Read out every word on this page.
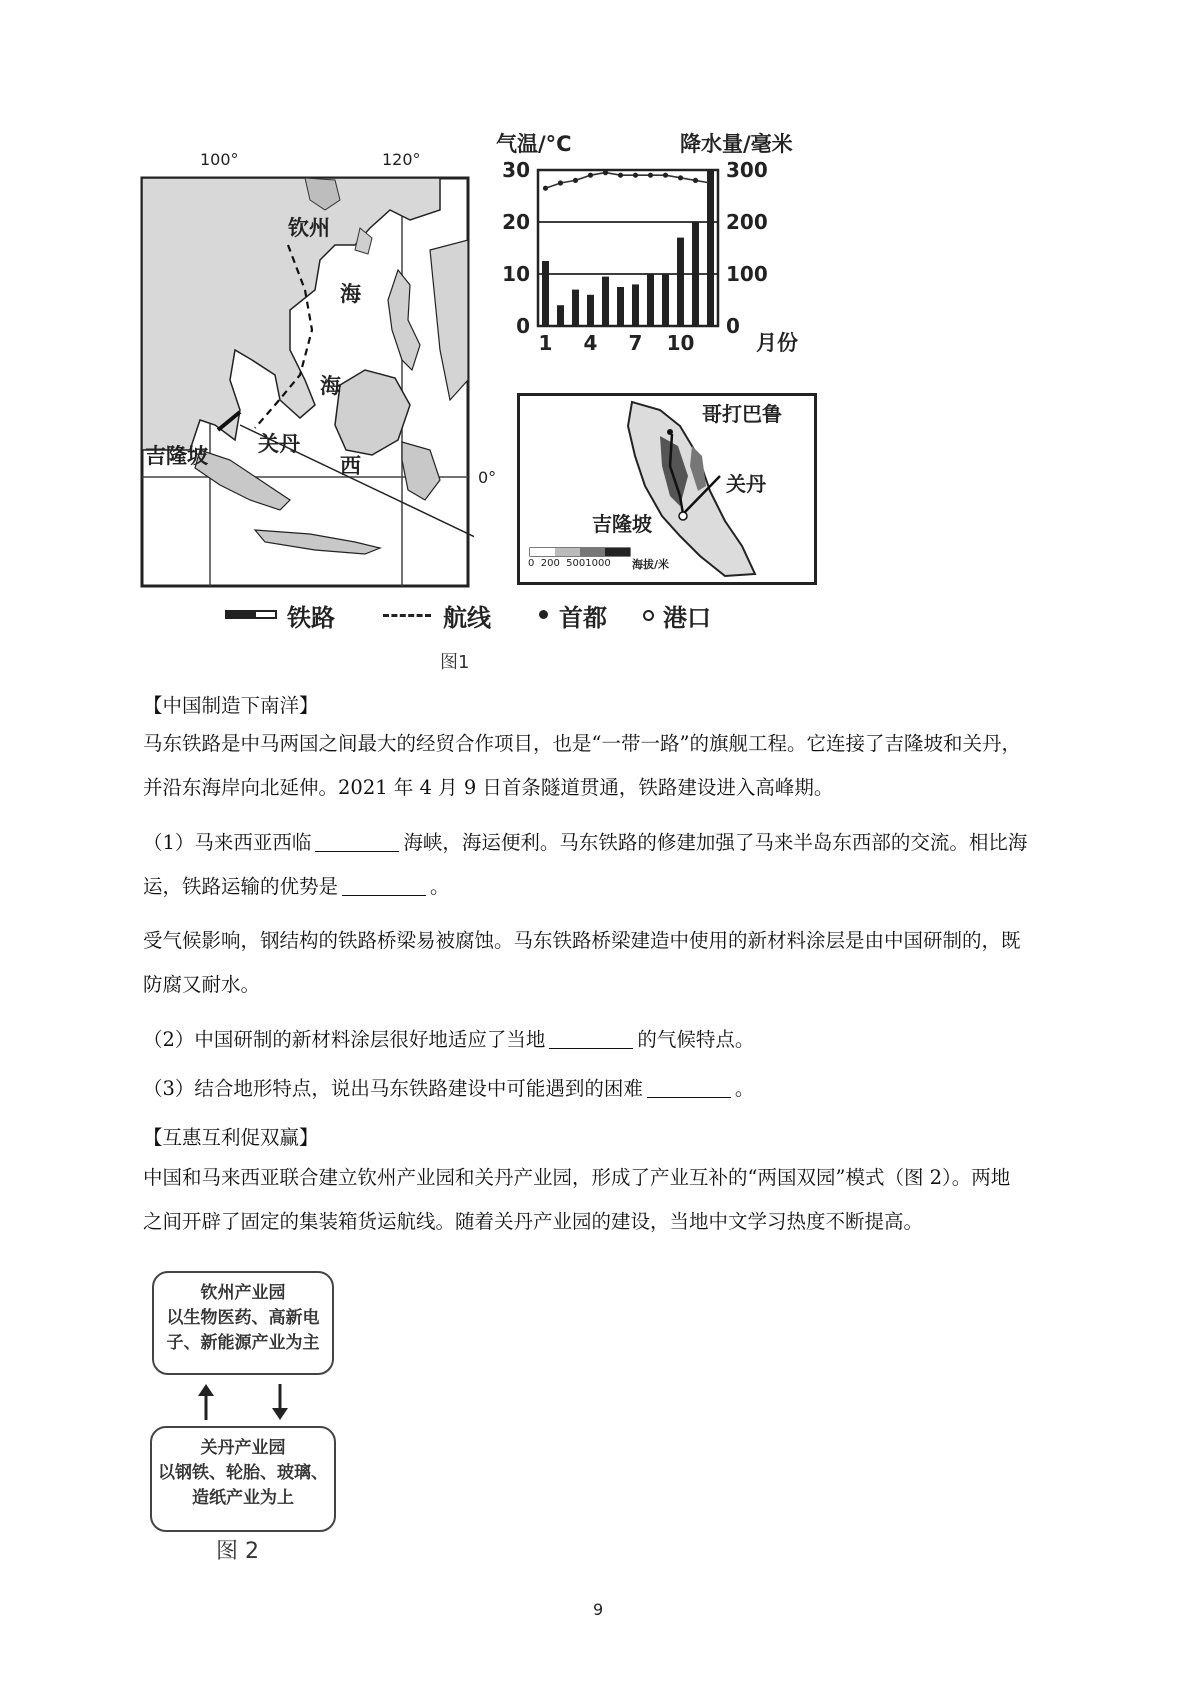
100°	120°
0°
钦州
海
海
西
关丹
吉隆坡
气温/°C	降水量/毫米
0
10
20
30
0
100
200
300
1 4 7 10	月份
哥打巴鲁
关丹
吉隆坡
0  200  5001000 海拔/米
铁路	航线	首都 港口
图1
【中国制造下南洋】
马东铁路是中马两国之间最大的经贸合作项目，也是“一带一路”的旗舰工程。它连接了吉隆坡和关丹，
并沿东海岸向北延伸。2021 年 4 月 9 日首条隧道贯通，铁路建设进入高峰期。
（1）马来西亚西临	海峡，海运便利。马东铁路的修建加强了马来半岛东西部的交流。相比海
运，铁路运输的优势是	。
受气候影响，钢结构的铁路桥梁易被腐蚀。马东铁路桥梁建造中使用的新材料涂层是由中国研制的，既
防腐又耐水。
（2）中国研制的新材料涂层很好地适应了当地	的气候特点。
（3）结合地形特点，说出马东铁路建设中可能遇到的困难	。
【互惠互利促双赢】
中国和马来西亚联合建立钦州产业园和关丹产业园，形成了产业互补的“两国双园”模式（图 2）。两地
之间开辟了固定的集装箱货运航线。随着关丹产业园的建设，当地中文学习热度不断提高。
钦州产业园
以生物医药、高新电
子、新能源产业为主
关丹产业园
以钢铁、轮胎、玻璃、
造纸产业为上
图 2
9
